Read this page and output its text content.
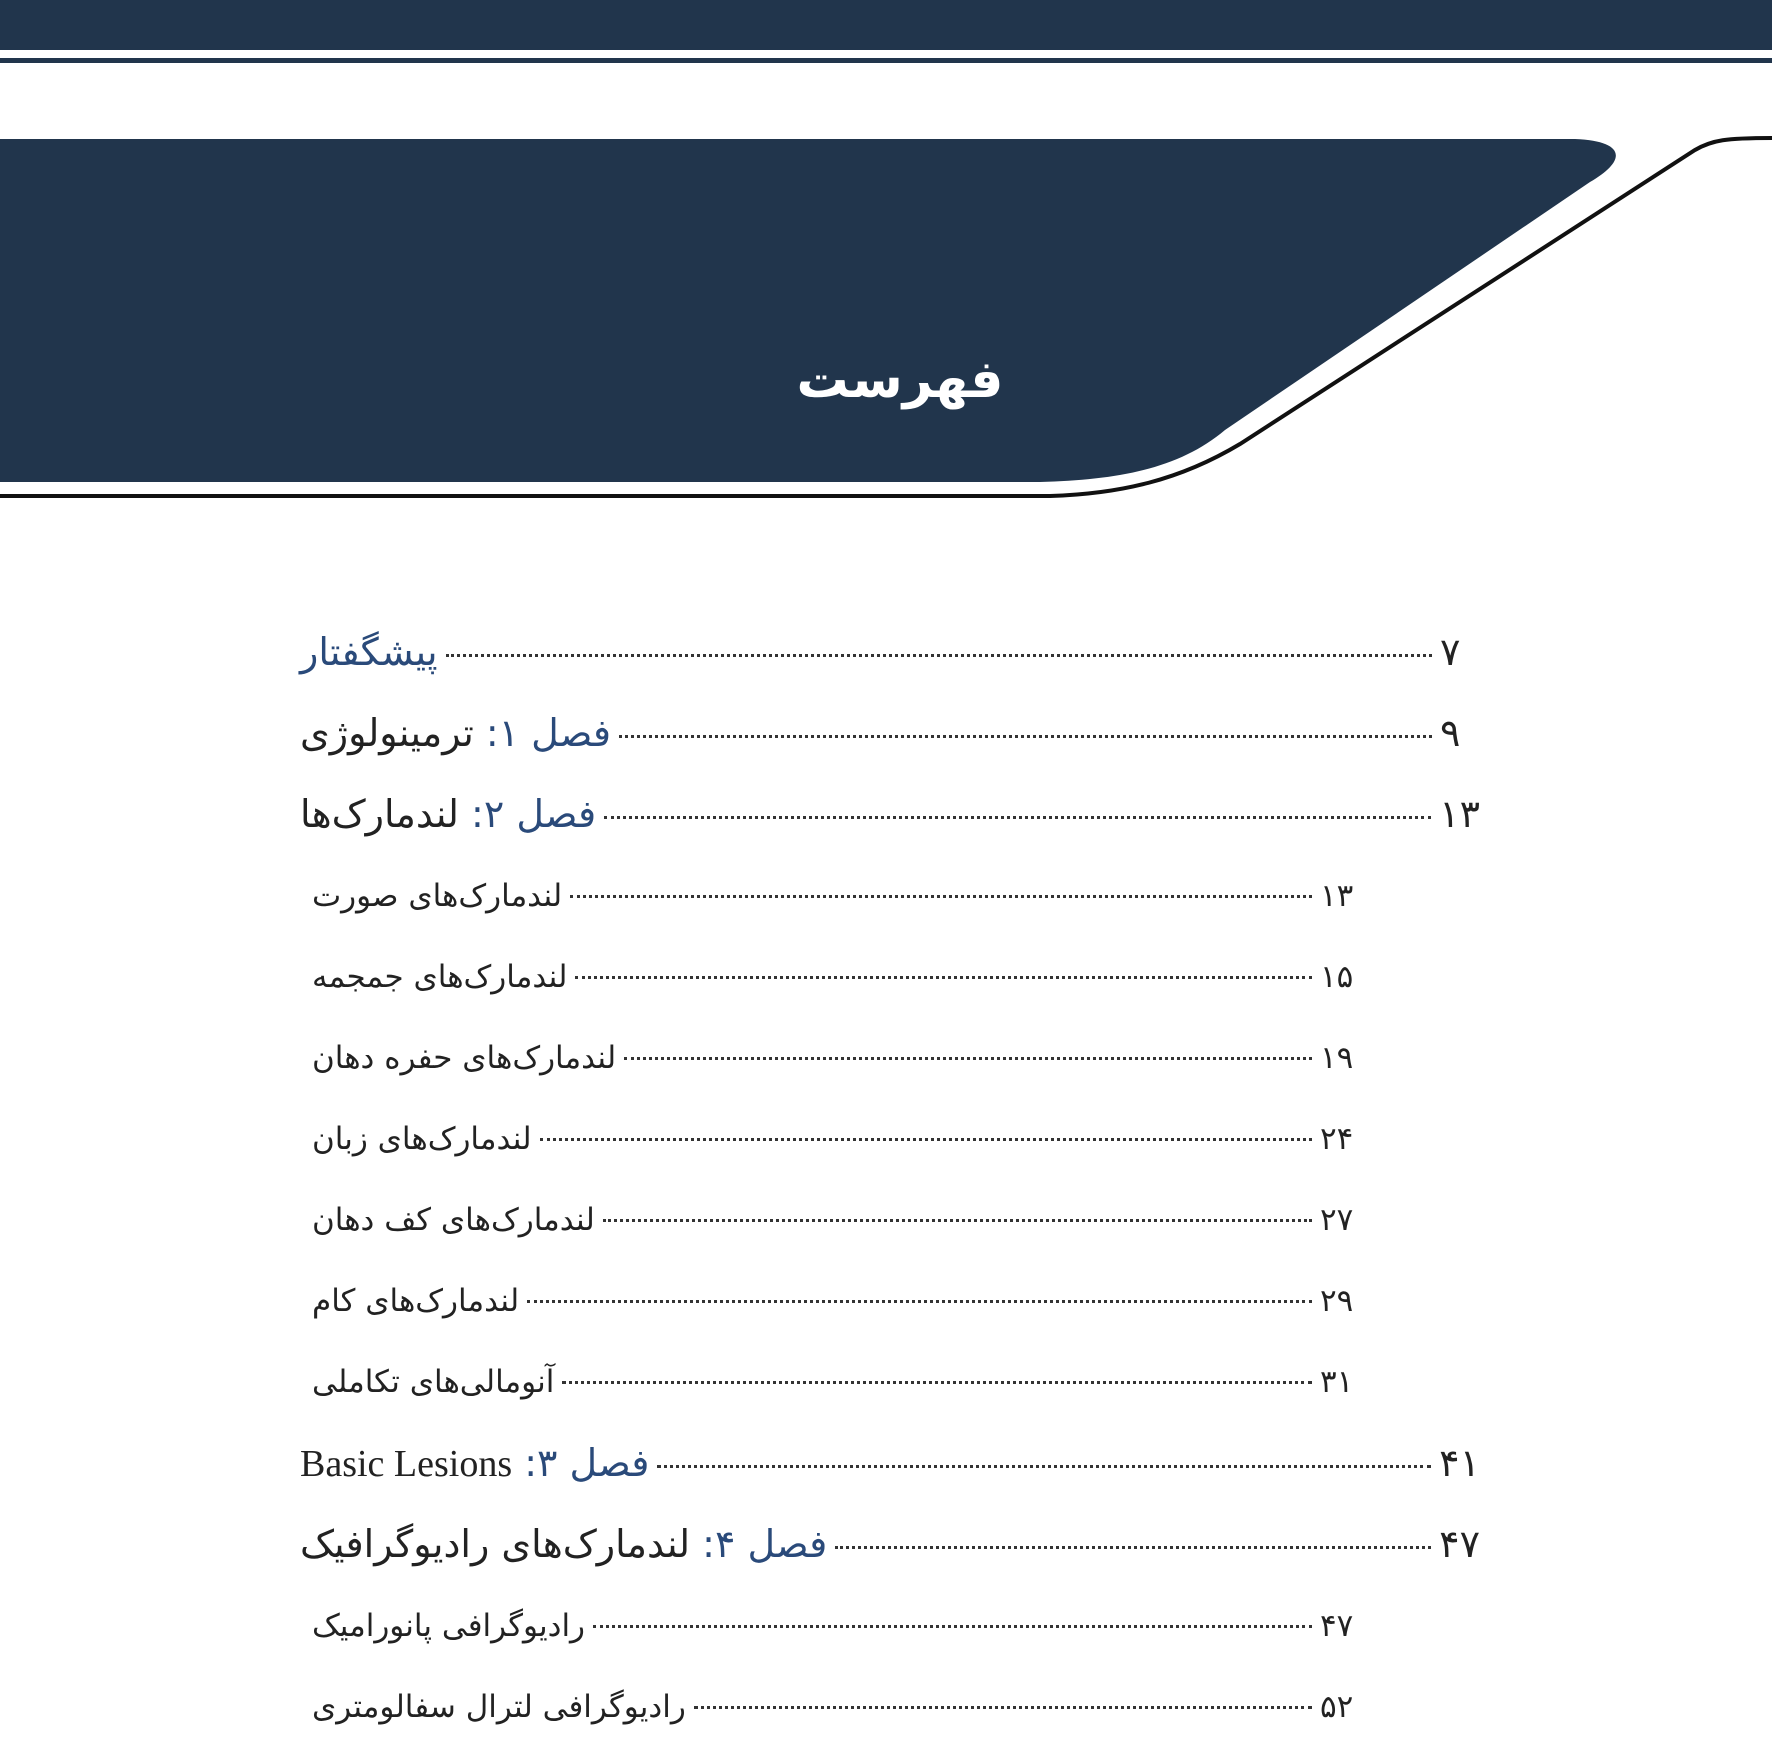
فهرست
پیشگفتار	۷
فصل ۱: ترمینولوژی	۹
فصل ۲: لندمارک‌ها	۱۳
لندمارک‌های صورت	۱۳
لندمارک‌های جمجمه	۱۵
لندمارک‌های حفره دهان	۱۹
لندمارک‌های زبان	۲۴
لندمارک‌های کف دهان	۲۷
لندمارک‌های کام	۲۹
آنومالی‌های تکاملی	۳۱
فصل ۳: Basic Lesions	۴۱
فصل ۴: لندمارک‌های رادیوگرافیک	۴۷
رادیوگرافی پانورامیک	۴۷
رادیوگرافی لترال سفالومتری	۵۲
